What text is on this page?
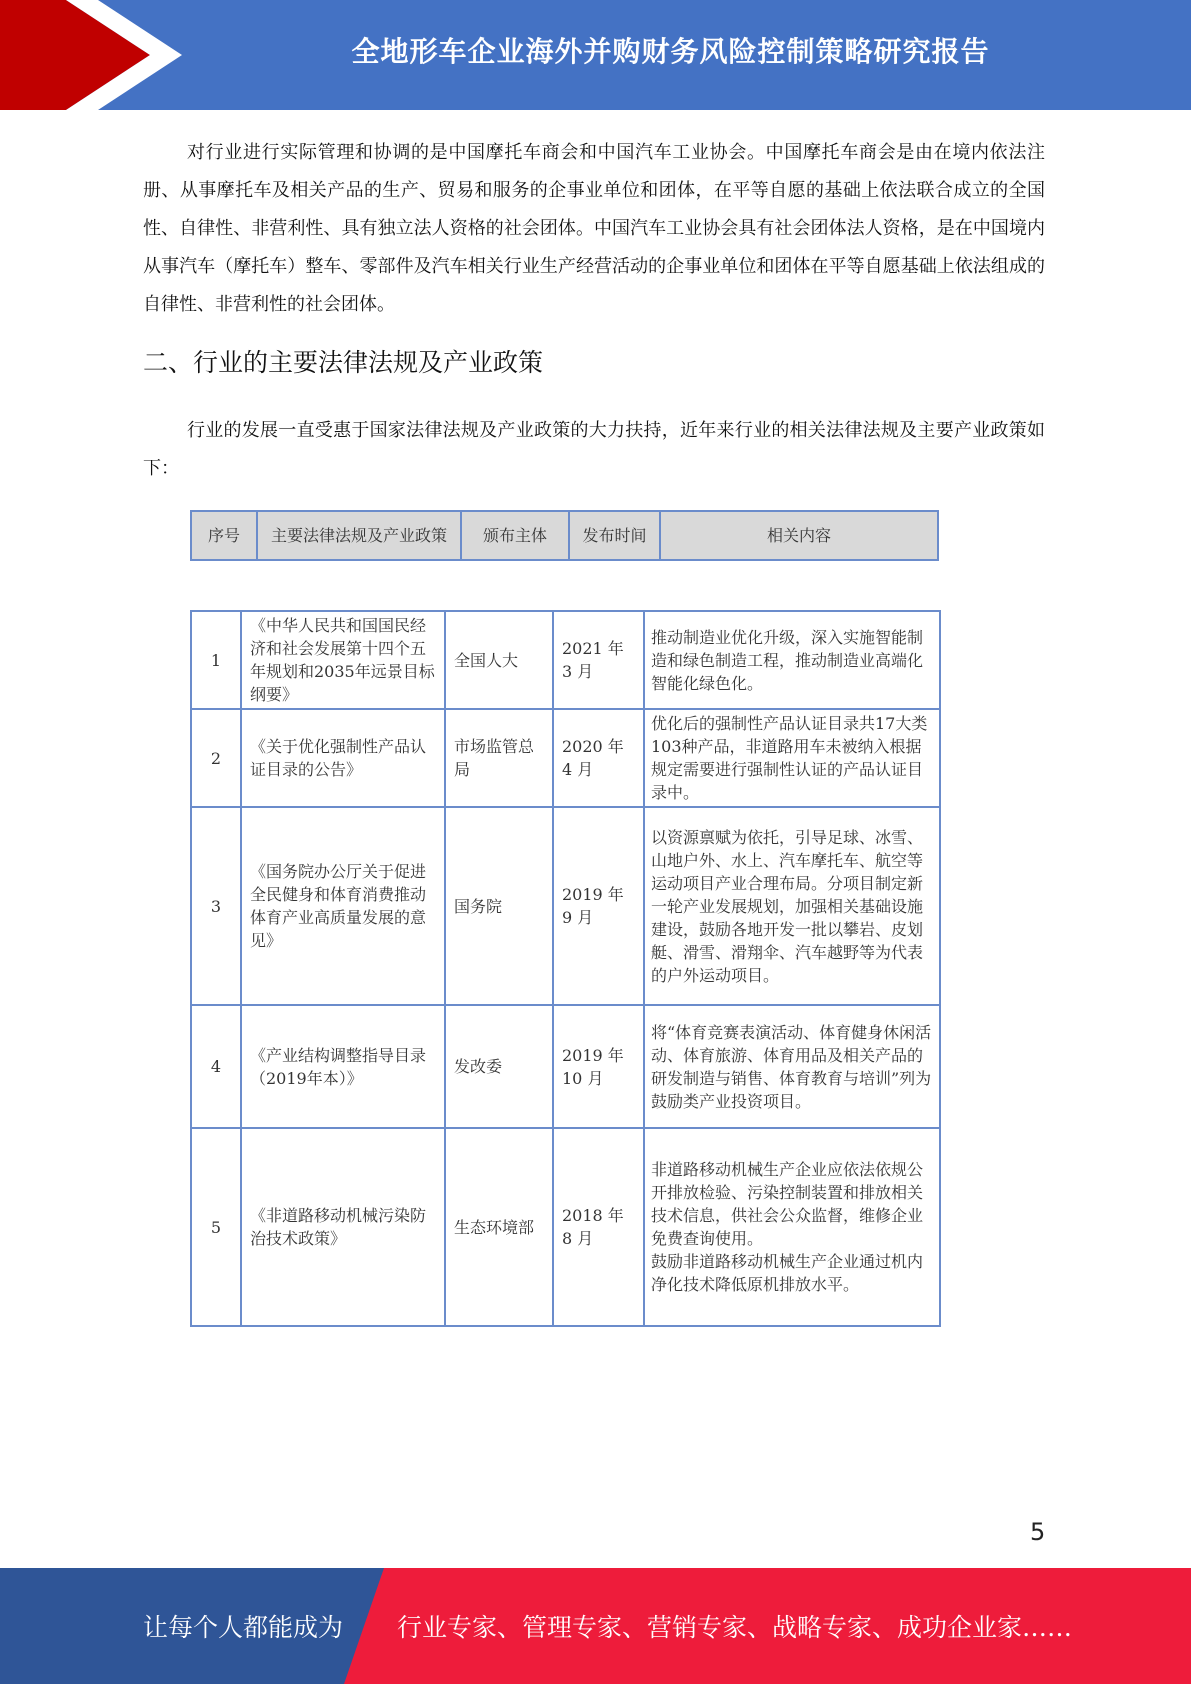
全地形车企业海外并购财务风险控制策略研究报告

对行业进行实际管理和协调的是中国摩托车商会和中国汽车工业协会。中国摩托车商会是由在境内依法注册、从事摩托车及相关产品的生产、贸易和服务的企事业单位和团体，在平等自愿的基础上依法联合成立的全国性、自律性、非营利性、具有独立法人资格的社会团体。中国汽车工业协会具有社会团体法人资格，是在中国境内从事汽车（摩托车）整车、零部件及汽车相关行业生产经营活动的企事业单位和团体在平等自愿基础上依法组成的自律性、非营利性的社会团体。

二、行业的主要法律法规及产业政策

行业的发展一直受惠于国家法律法规及产业政策的大力扶持，近年来行业的相关法律法规及主要产业政策如下：

序号	主要法律法规及产业政策	颁布主体	发布时间	相关内容
1	《中华人民共和国国民经济和社会发展第十四个五年规划和2035年远景目标纲要》	全国人大	2021 年 3 月	推动制造业优化升级，深入实施智能制造和绿色制造工程，推动制造业高端化智能化绿色化。
2	《关于优化强制性产品认证目录的公告》	市场监管总局	2020 年 4 月	优化后的强制性产品认证目录共17大类103种产品，非道路用车未被纳入根据规定需要进行强制性认证的产品认证目录中。
3	《国务院办公厅关于促进全民健身和体育消费推动体育产业高质量发展的意见》	国务院	2019 年 9 月	以资源禀赋为依托，引导足球、冰雪、山地户外、水上、汽车摩托车、航空等运动项目产业合理布局。分项目制定新一轮产业发展规划，加强相关基础设施建设，鼓励各地开发一批以攀岩、皮划艇、滑雪、滑翔伞、汽车越野等为代表的户外运动项目。
4	《产业结构调整指导目录（2019年本）》	发改委	2019 年 10 月	将“体育竞赛表演活动、体育健身休闲活动、体育旅游、体育用品及相关产品的研发制造与销售、体育教育与培训”列为鼓励类产业投资项目。
5	《非道路移动机械污染防治技术政策》	生态环境部	2018 年 8 月	非道路移动机械生产企业应依法依规公开排放检验、污染控制装置和排放相关技术信息，供社会公众监督，维修企业免费查询使用。
鼓励非道路移动机械生产企业通过机内净化技术降低原机排放水平。
5
让每个人都能成为 行业专家、管理专家、营销专家、战略专家、成功企业家……
